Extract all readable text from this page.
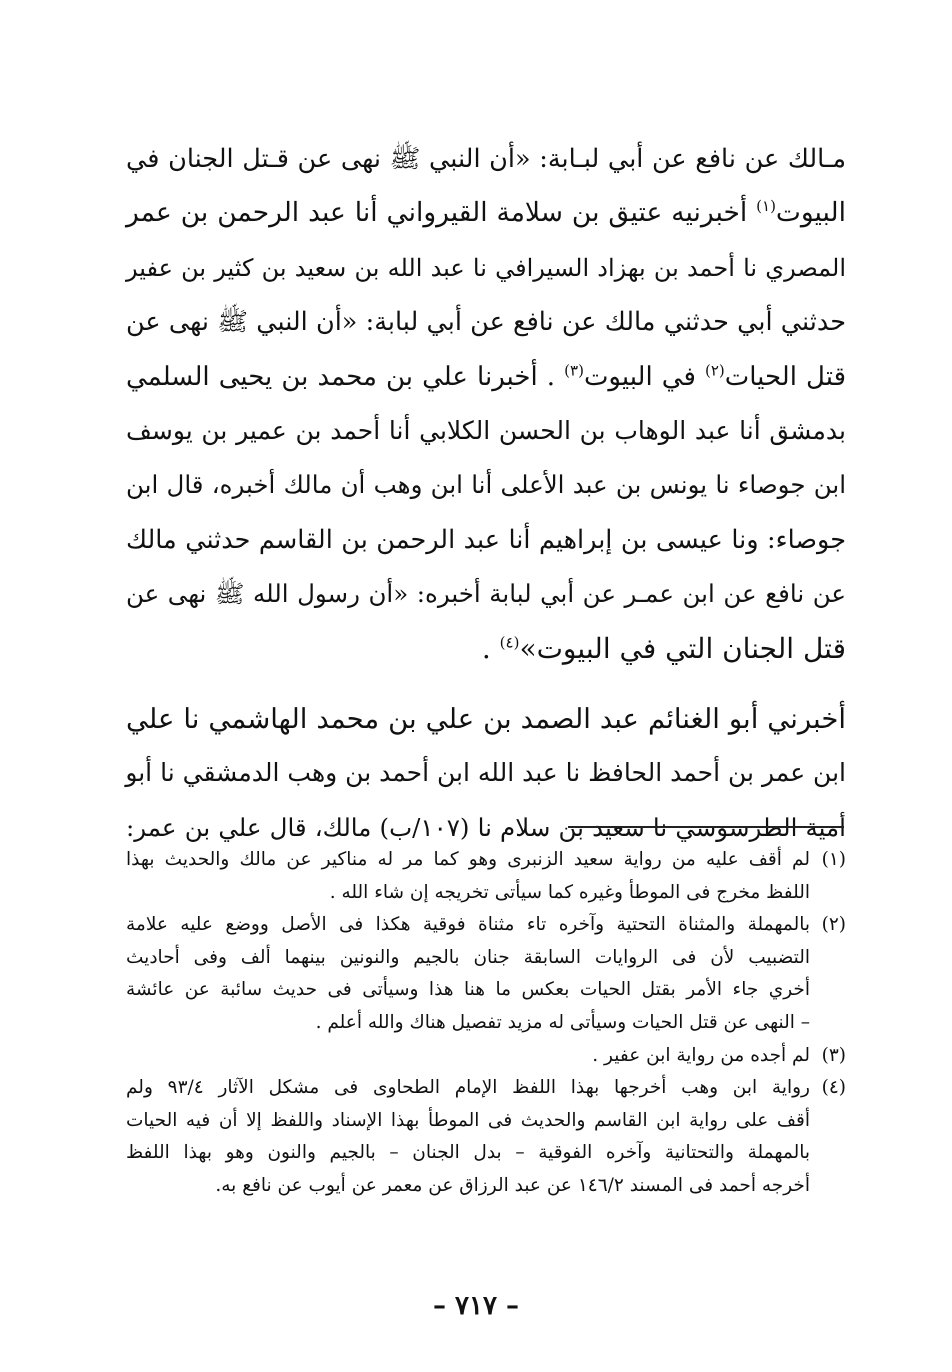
مـالك عن نافع عن أبي لبـابة: «أن النبي ﷺ نهى عن قـتل الجنان في
البيوت$^{(١)}$ أخبرنيه عتيق بن سلامة القيرواني أنا عبد الرحمن بن عمر
المصري نا أحمد بن بهزاد السيرافي نا عبد الله بن سعيد بن كثير بن عفير
حدثني أبي حدثني مالك عن نافع عن أبي لبابة: «أن النبي ﷺ نهى عن
قتل الحيات$^{(٢)}$ في البيوت$^{(٣)}$ . أخبرنا علي بن محمد بن يحيى السلمي
بدمشق أنا عبد الوهاب بن الحسن الكلابي أنا أحمد بن عمير بن يوسف
ابن جوصاء نا يونس بن عبد الأعلى أنا ابن وهب أن مالك أخبره، قال ابن
جوصاء: ونا عيسى بن إبراهيم أنا عبد الرحمن بن القاسم حدثني مالك
عن نافع عن ابن عمـر عن أبي لبابة أخبره: «أن رسول الله ﷺ نهى عن
قتل الجنان التي في البيوت»$^{(٤)}$ .
أخبرني أبو الغنائم عبد الصمد بن علي بن محمد الهاشمي نا علي
ابن عمر بن أحمد الحافظ نا عبد الله ابن أحمد بن وهب الدمشقي نا أبو
أمية الطرسوسي نا سعيد بن سلام نا (١٠٧/ب) مالك، قال علي بن عمر:
(١)لم أقف عليه من رواية سعيد الزنبرى وهو كما مر له مناكير عن مالك والحديث بهذا
اللفظ مخرج فى الموطأ وغيره كما سيأتى تخريجه إن شاء الله .
(٢)بالمهملة والمثناة التحتية وآخره تاء مثناة فوقية هكذا فى الأصل ووضع عليه علامة
التضبيب لأن فى الروايات السابقة جنان بالجيم والنونين بينهما ألف وفى أحاديث
أخري جاء الأمر بقتل الحيات بعكس ما هنا هذا وسيأتى فى حديث سائبة عن عائشة
– النهى عن قتل الحيات وسيأتى له مزيد تفصيل هناك والله أعلم .
(٣)لم أجده من رواية ابن عفير .
(٤)رواية ابن وهب أخرجها بهذا اللفظ الإمام الطحاوى فى مشكل الآثار ٩٣/٤ ولم
أقف على رواية ابن القاسم والحديث فى الموطأ بهذا الإسناد واللفظ إلا أن فيه الحيات
بالمهملة والتحتانية وآخره الفوقية – بدل الجنان – بالجيم والنون وهو بهذا اللفظ
أخرجه أحمد فى المسند ١٤٦/٢ عن عبد الرزاق عن معمر عن أيوب عن نافع به.
– ٧١٧ –
